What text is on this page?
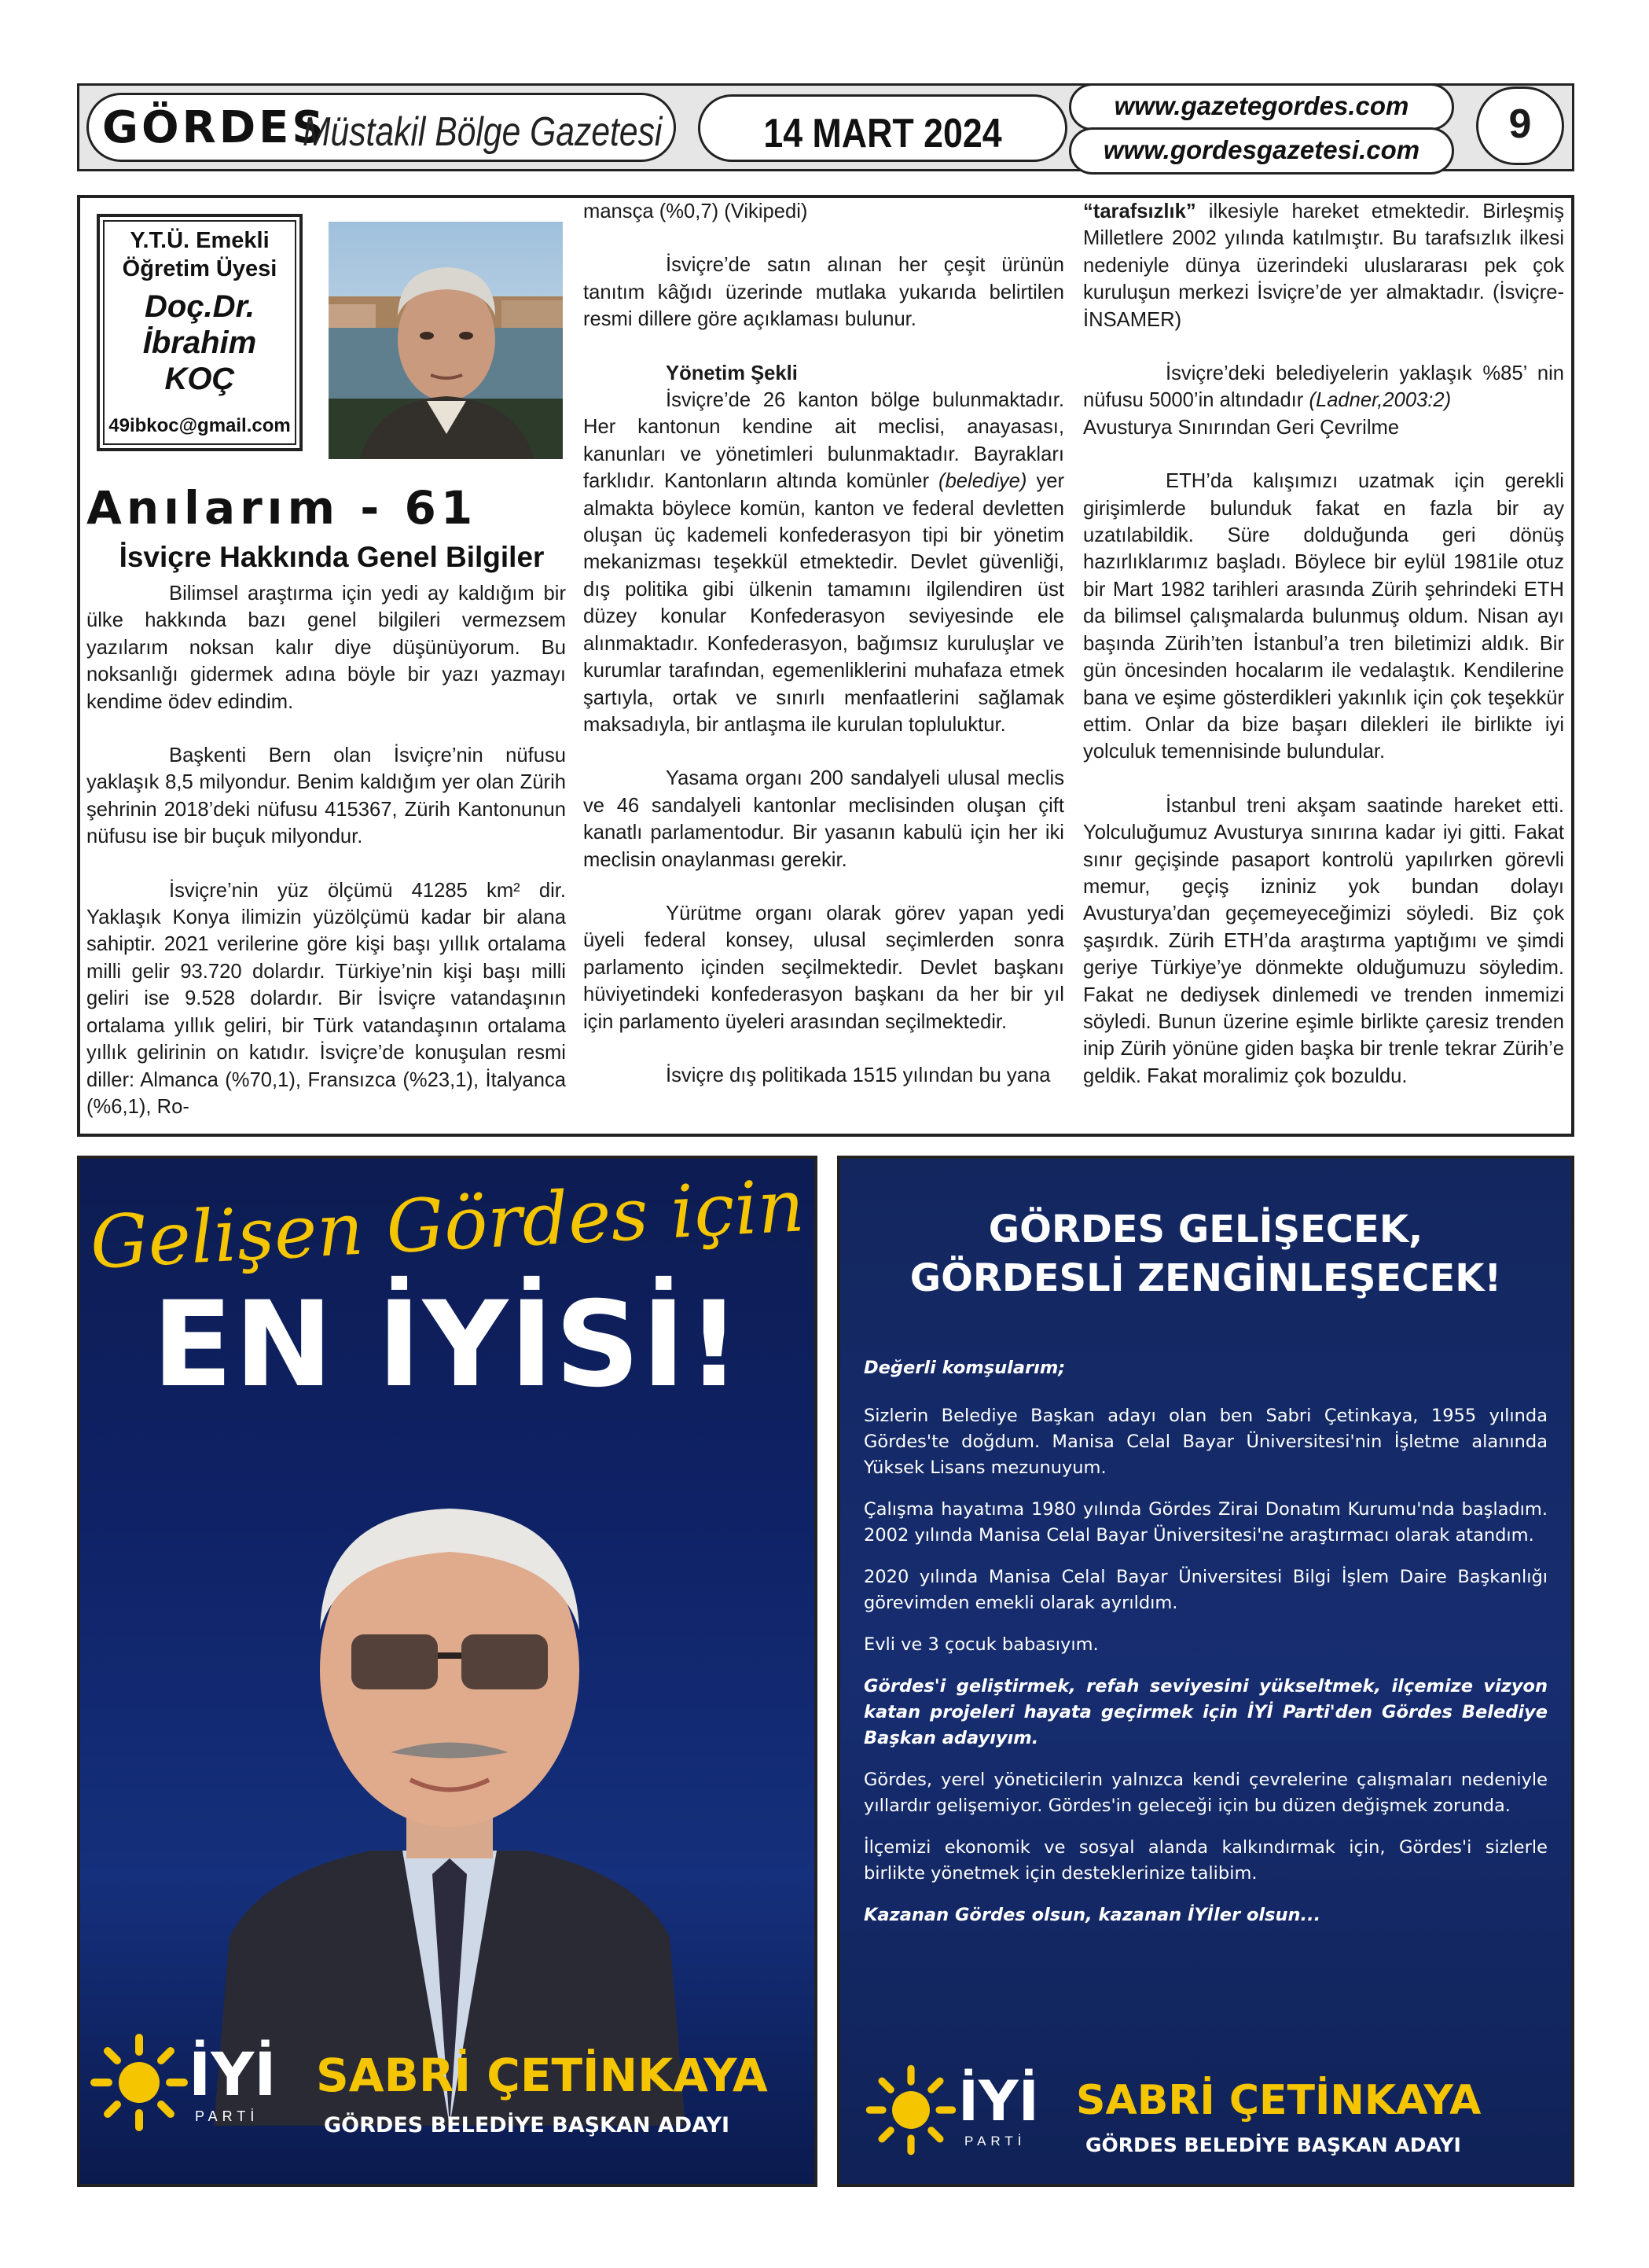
GÖRDES
Müstakil Bölge Gazetesi	14 MART 2024
www.gazetegordes.com
www.gordesgazetesi.com
9
Y.T.Ü. Emekli
Öğretim Üyesi
Doç.Dr.
İbrahim
KOÇ
49ibkoc@gmail.com
Anılarım - 61
İsviçre Hakkında Genel Bilgiler

Bilimsel araştırma için yedi ay kaldığım bir ülke hakkında bazı genel bilgileri vermezsem yazılarım noksan kalır diye düşünüyorum. Bu noksanlığı gidermek adına böyle bir yazı yazmayı kendime ödev edindim.

Başkenti Bern olan İsviçre’nin nüfusu yaklaşık 8,5 milyondur. Benim kaldığım yer olan Zürih şehrinin 2018’deki nüfusu 415367, Zürih Kantonunun nüfusu ise bir buçuk milyondur.

İsviçre’nin yüz ölçümü 41285 km² dir. Yaklaşık Konya ilimizin yüzölçümü kadar bir alana sahiptir. 2021 verilerine göre kişi başı yıllık ortalama milli gelir 93.720 dolardır. Türkiye’nin kişi başı milli geliri ise 9.528 dolardır. Bir İsviçre vatandaşının ortalama yıllık geliri, bir Türk vatandaşının ortalama yıllık gelirinin on katıdır. İsviçre’de konuşulan resmi diller: Almanca (%70,1), Fransızca (%23,1), İtalyanca (%6,1), Ro-

mansça (%0,7) (Vikipedi)

İsviçre’de satın alınan her çeşit ürünün tanıtım kâğıdı üzerinde mutlaka yukarıda belirtilen resmi dillere göre açıklaması bulunur.

Yönetim Şekli

İsviçre’de 26 kanton bölge bulunmaktadır. Her kantonun kendine ait meclisi, anayasası, kanunları ve yönetimleri bulunmaktadır. Bayrakları farklıdır. Kantonların altında komünler (belediye) yer almakta böylece komün, kanton ve federal devletten oluşan üç kademeli konfederasyon tipi bir yönetim mekanizması teşekkül etmektedir. Devlet güvenliği, dış politika gibi ülkenin tamamını ilgilendiren üst düzey konular Konfederasyon seviyesinde ele alınmaktadır. Konfederasyon, bağımsız kuruluşlar ve kurumlar tarafından, egemenliklerini muhafaza etmek şartıyla, ortak ve sınırlı menfaatlerini sağlamak maksadıyla, bir antlaşma ile kurulan topluluktur.

Yasama organı 200 sandalyeli ulusal meclis ve 46 sandalyeli kantonlar meclisinden oluşan çift kanatlı parlamentodur. Bir yasanın kabulü için her iki meclisin onaylanması gerekir.

Yürütme organı olarak görev yapan yedi üyeli federal konsey, ulusal seçimlerden sonra parlamento içinden seçilmektedir. Devlet başkanı hüviyetindeki konfederasyon başkanı da her bir yıl için parlamento üyeleri arasından seçilmektedir.

İsviçre dış politikada 1515 yılından bu yana

“tarafsızlık” ilkesiyle hareket etmektedir. Birleşmiş Milletlere 2002 yılında katılmıştır. Bu tarafsızlık ilkesi nedeniyle dünya üzerindeki uluslararası pek çok kuruluşun merkezi İsviçre’de yer almaktadır. (İsviçre-İNSAMER)

İsviçre’deki belediyelerin yaklaşık %85’ nin nüfusu 5000’in altındadır (Ladner,2003:2)

Avusturya Sınırından Geri Çevrilme

ETH’da kalışımızı uzatmak için gerekli girişimlerde bulunduk fakat en fazla bir ay uzatılabildik. Süre dolduğunda geri dönüş hazırlıklarımız başladı. Böylece bir eylül 1981ile otuz bir Mart 1982 tarihleri arasında Zürih şehrindeki ETH da bilimsel çalışmalarda bulunmuş oldum. Nisan ayı başında Zürih’ten İstanbul’a tren biletimizi aldık. Bir gün öncesinden hocalarım ile vedalaştık. Kendilerine bana ve eşime gösterdikleri yakınlık için çok teşekkür ettim. Onlar da bize başarı dilekleri ile birlikte iyi yolculuk temennisinde bulundular.

İstanbul treni akşam saatinde hareket etti. Yolculuğumuz Avusturya sınırına kadar iyi gitti. Fakat sınır geçişinde pasaport kontrolü yapılırken görevli memur, geçiş izniniz yok bundan dolayı Avusturya’dan geçemeyeceğimizi söyledi. Biz çok şaşırdık. Zürih ETH’da araştırma yaptığımı ve şimdi geriye Türkiye’ye dönmekte olduğumuzu söyledim. Fakat ne dediysek dinlemedi ve trenden inmemizi söyledi. Bunun üzerine eşimle birlikte çaresiz trenden inip Zürih yönüne giden başka bir trenle tekrar Zürih’e geldik. Fakat moralimiz çok bozuldu.

Gelişen Gördes için
EN İYİSİ!
İYİ
PARTİ
SABRİ ÇETİNKAYA
GÖRDES BELEDİYE BAŞKAN ADAYI
GÖRDES GELİŞECEK,
GÖRDESLİ ZENGİNLEŞECEK!
Değerli komşularım;
Sizlerin Belediye Başkan adayı olan ben Sabri Çetinkaya, 1955 yılında Gördes'te doğdum. Manisa Celal Bayar Üniversitesi'nin İşletme alanında Yüksek Lisans mezunuyum.
Çalışma hayatıma 1980 yılında Gördes Zirai Donatım Kurumu'nda başladım. 2002 yılında Manisa Celal Bayar Üniversitesi'ne araştırmacı olarak atandım.
2020 yılında Manisa Celal Bayar Üniversitesi Bilgi İşlem Daire Başkanlığı görevimden emekli olarak ayrıldım.
Evli ve 3 çocuk babasıyım.
Gördes'i geliştirmek, refah seviyesini yükseltmek, ilçemize vizyon katan projeleri hayata geçirmek için İYİ Parti'den Gördes Belediye Başkan adayıyım.
Gördes, yerel yöneticilerin yalnızca kendi çevrelerine çalışmaları nedeniyle yıllardır gelişemiyor. Gördes'in geleceği için bu düzen değişmek zorunda.
İlçemizi ekonomik ve sosyal alanda kalkındırmak için, Gördes'i sizlerle birlikte yönetmek için desteklerinize talibim.
Kazanan Gördes olsun, kazanan İYİler olsun...
İYİ
PARTİ
SABRİ ÇETİNKAYA
GÖRDES BELEDİYE BAŞKAN ADAYI
